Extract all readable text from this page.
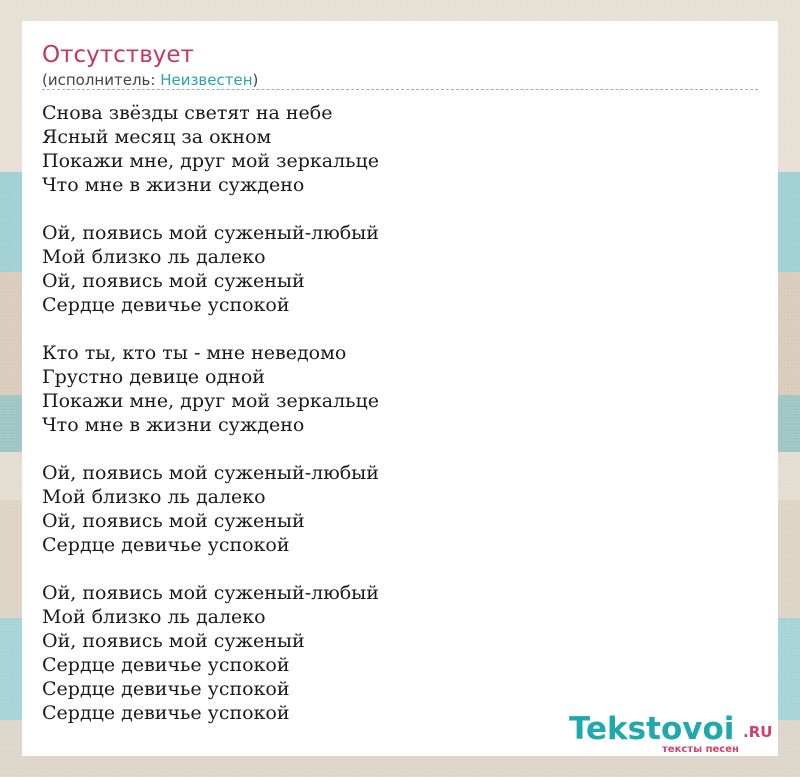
Отсутствует
(исполнитель: Неизвестен)
Снова звёзды светят на небе
Ясный месяц за окном
Покажи мне, друг мой зеркальце
Что мне в жизни суждено
Ой, появись мой суженый-любый
Мой близко ль далеко
Ой, появись мой суженый
Сердце девичье успокой
Кто ты, кто ты - мне неведомо
Грустно девице одной
Покажи мне, друг мой зеркальце
Что мне в жизни суждено
Ой, появись мой суженый-любый
Мой близко ль далеко
Ой, появись мой суженый
Сердце девичье успокой
Ой, появись мой суженый-любый
Мой близко ль далеко
Ой, появись мой суженый
Сердце девичье успокой
Сердце девичье успокой
Сердце девичье успокой	Tekstovoi .RU
тексты песен
